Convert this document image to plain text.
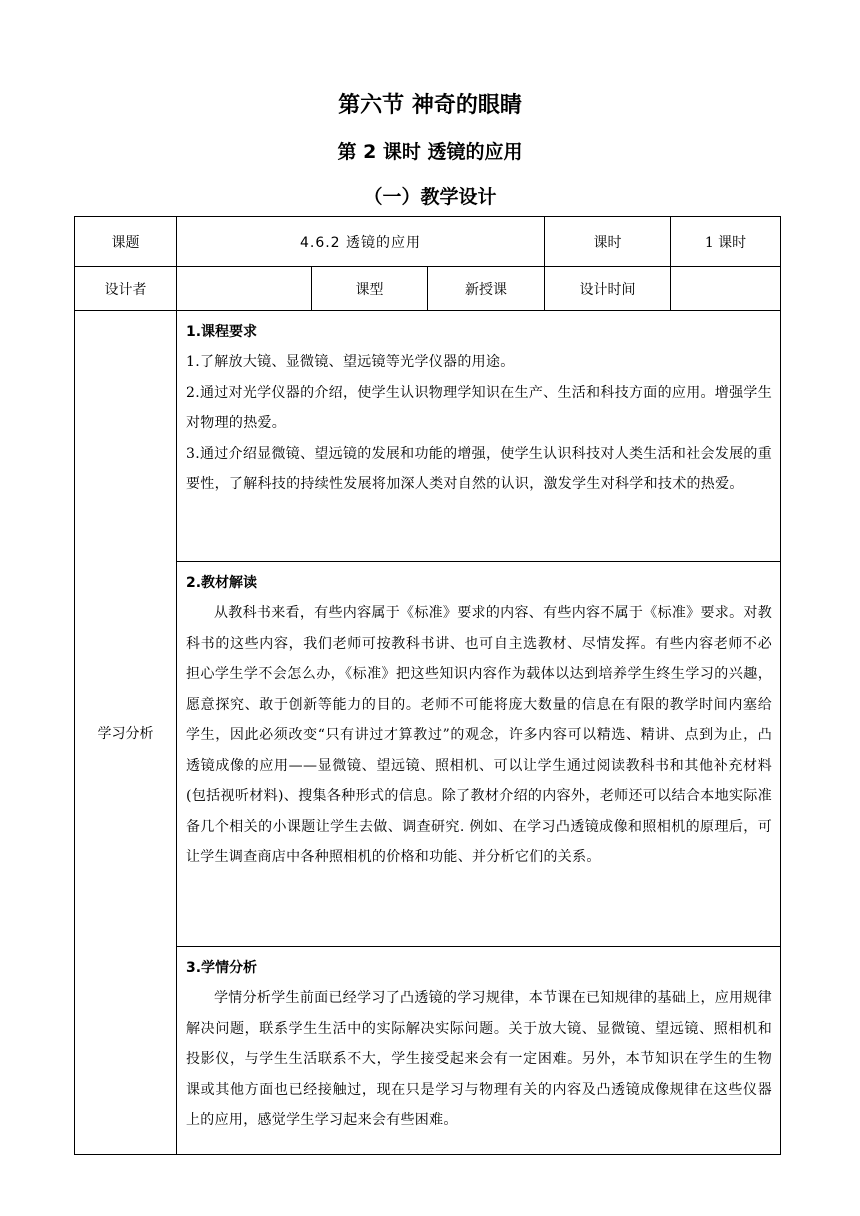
第六节 神奇的眼睛
第 2 课时 透镜的应用
（一）教学设计
课题	4.6.2 透镜的应用			课时	1 课时
设计者		课型	新授课	设计时间	
学习分析	1.课程要求
1.了解放大镜、显微镜、望远镜等光学仪器的用途。
2.通过对光学仪器的介绍，使学生认识物理学知识在生产、生活和科技方面的应用。增强学生对物理的热爱。
3.通过介绍显微镜、望远镜的发展和功能的增强，使学生认识科技对人类生活和社会发展的重要性，了解科技的持续性发展将加深人类对自然的认识，激发学生对科学和技术的热爱。				

	2.教材解读
从教科书来看，有些内容属于《标准》要求的内容、有些内容不属于《标准》要求。对教科书的这些内容，我们老师可按教科书讲、也可自主选教材、尽情发挥。有些内容老师不必担心学生学不会怎么办，《标准》把这些知识内容作为载体以达到培养学生终生学习的兴趣，愿意探究、敢于创新等能力的目的。老师不可能将庞大数量的信息在有限的教学时间内塞给学生，因此必须改变“只有讲过才算教过”的观念，许多内容可以精选、精讲、点到为止，凸透镜成像的应用——显微镜、望远镜、照相机、可以让学生通过阅读教科书和其他补充材料(包括视听材料)、搜集各种形式的信息。除了教材介绍的内容外，老师还可以结合本地实际准备几个相关的小课题让学生去做、调查研究. 例如、在学习凸透镜成像和照相机的原理后，可让学生调查商店中各种照相机的价格和功能、并分析它们的关系。				

	3.学情分析
学情分析学生前面已经学习了凸透镜的学习规律，本节课在已知规律的基础上，应用规律解决问题，联系学生生活中的实际解决实际问题。关于放大镜、显微镜、望远镜、照相机和投影仪，与学生生活联系不大，学生接受起来会有一定困难。另外，本节知识在学生的生物课或其他方面也已经接触过，现在只是学习与物理有关的内容及凸透镜成像规律在这些仪器上的应用，感觉学生学习起来会有些困难。				
